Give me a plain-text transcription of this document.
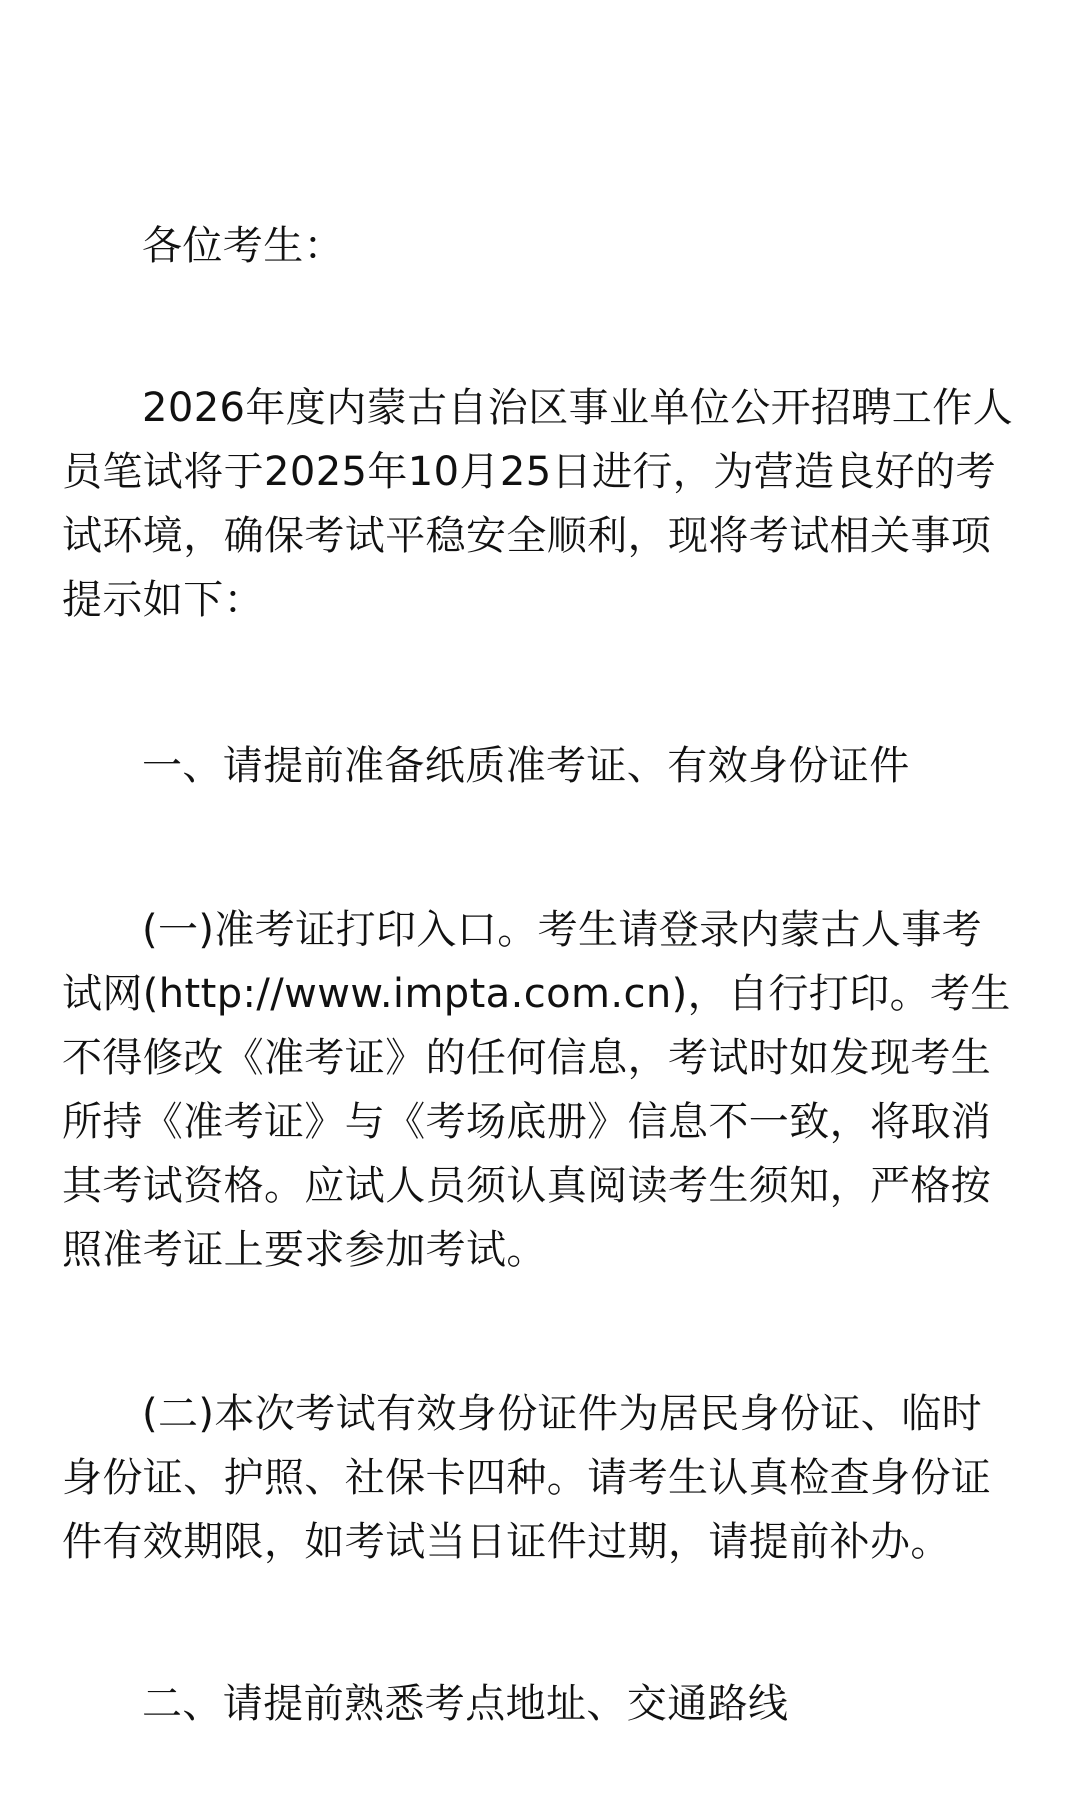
各位考生：

2026年度内蒙古自治区事业单位公开招聘工作人员笔试将于2025年10月25日进行，为营造良好的考试环境，确保考试平稳安全顺利，现将考试相关事项提示如下：

一、请提前准备纸质准考证、有效身份证件

(一)准考证打印入口。考生请登录内蒙古人事考试网(http://www.impta.com.cn)，自行打印。考生不得修改《准考证》的任何信息，考试时如发现考生所持《准考证》与《考场底册》信息不一致，将取消其考试资格。应试人员须认真阅读考生须知，严格按照准考证上要求参加考试。

(二)本次考试有效身份证件为居民身份证、临时身份证、护照、社保卡四种。请考生认真检查身份证件有效期限，如考试当日证件过期，请提前补办。

二、请提前熟悉考点地址、交通路线
